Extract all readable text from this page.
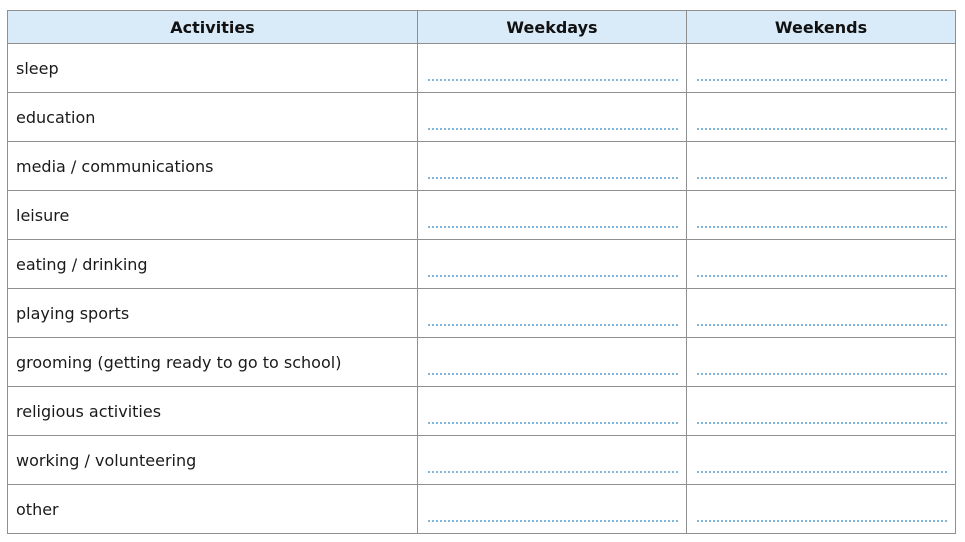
Activities	Weekdays	Weekends
sleep	

education	

media / communications	

leisure	

eating / drinking	

playing sports	

grooming (getting ready to go to school)	

religious activities	

working / volunteering	

other	
